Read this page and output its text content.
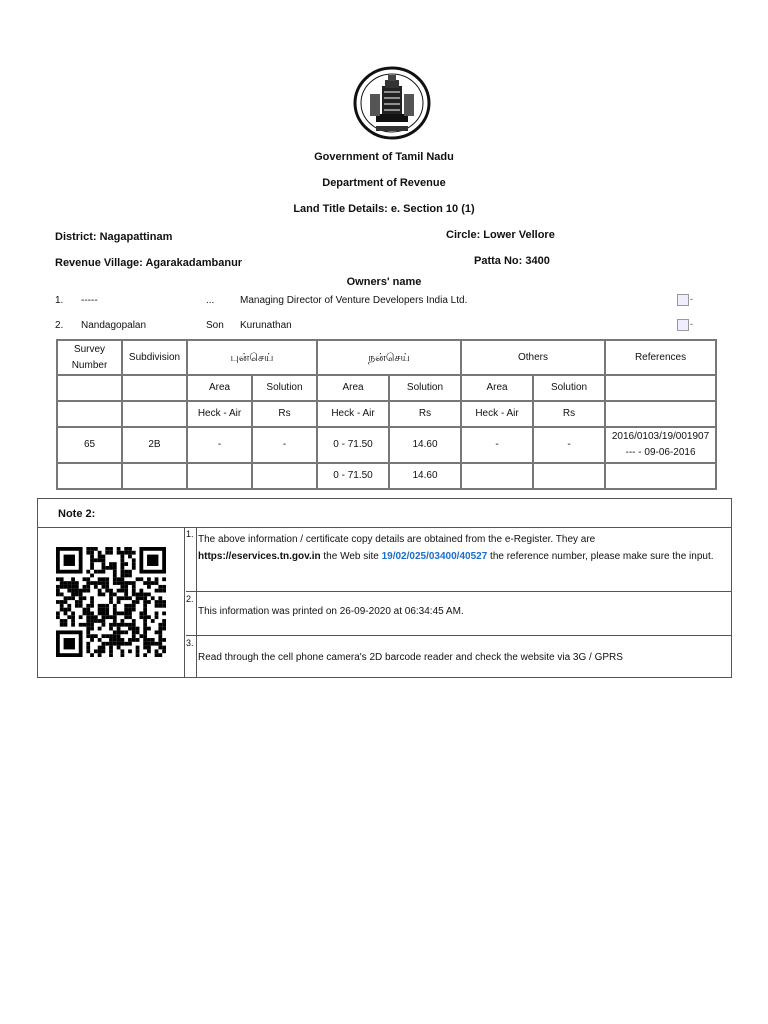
Government of Tamil Nadu
Department of Revenue
Land Title Details: e. Section 10 (1)
District: Nagapattinam	Circle: Lower Vellore
Revenue Village: Agarakadambanur	Patta No: 3400
Owners' name
1. -----	...	Managing Director of Venture Developers India Ltd.	-
2. Nandagopalan	Son Kurunathan	-
Survey Number	Subdivision	புன்செய்		நன்செய்		Others		References
		Area	Solution	Area	Solution	Area	Solution	
		Heck - Air	Rs	Heck - Air	Rs	Heck - Air	Rs	
65	2B	-	-	0 - 71.50	14.60	-	-	2016/0103/19/001907
--- - 09-06-2016

				0 - 71.50	14.60			
Note 2:
1. The above information / certificate copy details are obtained from the e-Register. They are
https://eservices.tn.gov.in the Web site 19/02/025/03400/40527 the reference number, please make sure the input.
2.
This information was printed on 26-09-2020 at 06:34:45 AM.
3.
Read through the cell phone camera's 2D barcode reader and check the website via 3G / GPRS
